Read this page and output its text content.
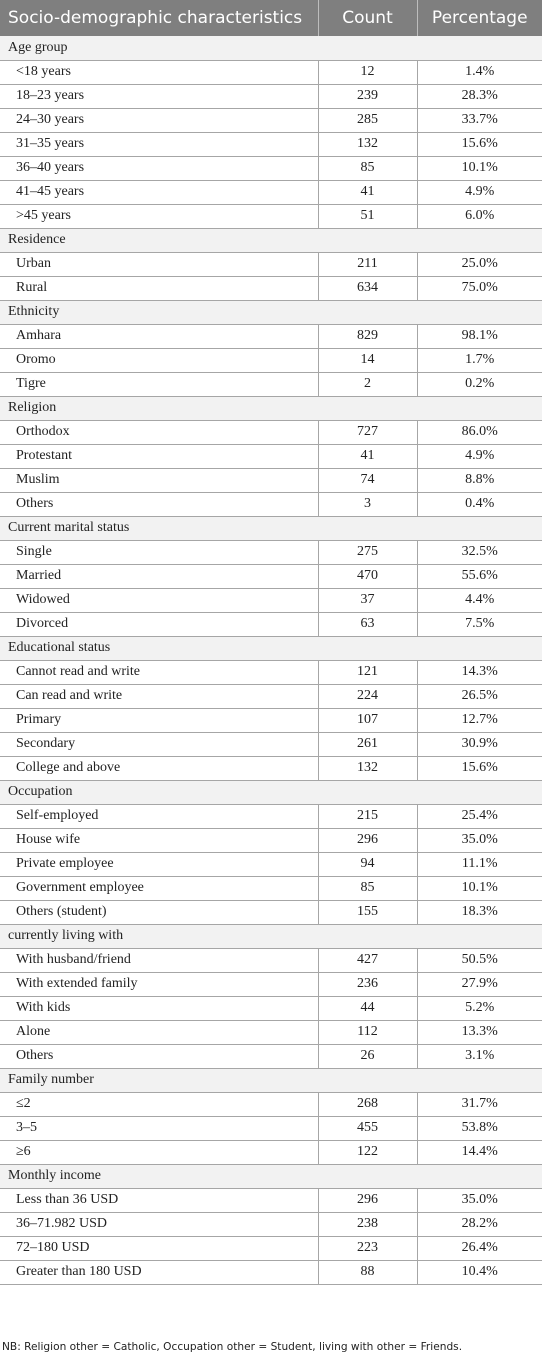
Socio-demographic characteristics	Count	Percentage
Age group		
<18 years	12	1.4%
18–23 years	239	28.3%
24–30 years	285	33.7%
31–35 years	132	15.6%
36–40 years	85	10.1%
41–45 years	41	4.9%
>45 years	51	6.0%
Residence		
Urban	211	25.0%
Rural	634	75.0%
Ethnicity		
Amhara	829	98.1%
Oromo	14	1.7%
Tigre	2	0.2%
Religion		
Orthodox	727	86.0%
Protestant	41	4.9%
Muslim	74	8.8%
Others	3	0.4%
Current marital status		
Single	275	32.5%
Married	470	55.6%
Widowed	37	4.4%
Divorced	63	7.5%
Educational status		
Cannot read and write	121	14.3%
Can read and write	224	26.5%
Primary	107	12.7%
Secondary	261	30.9%
College and above	132	15.6%
Occupation		
Self-employed	215	25.4%
House wife	296	35.0%
Private employee	94	11.1%
Government employee	85	10.1%
Others (student)	155	18.3%
currently living with		
With husband/friend	427	50.5%
With extended family	236	27.9%
With kids	44	5.2%
Alone	112	13.3%
Others	26	3.1%
Family number		
≤2	268	31.7%
3–5	455	53.8%
≥6	122	14.4%
Monthly income		
Less than 36 USD	296	35.0%
36–71.982 USD	238	28.2%
72–180 USD	223	26.4%
Greater than 180 USD	88	10.4%
NB: Religion other = Catholic, Occupation other = Student, living with other = Friends.
